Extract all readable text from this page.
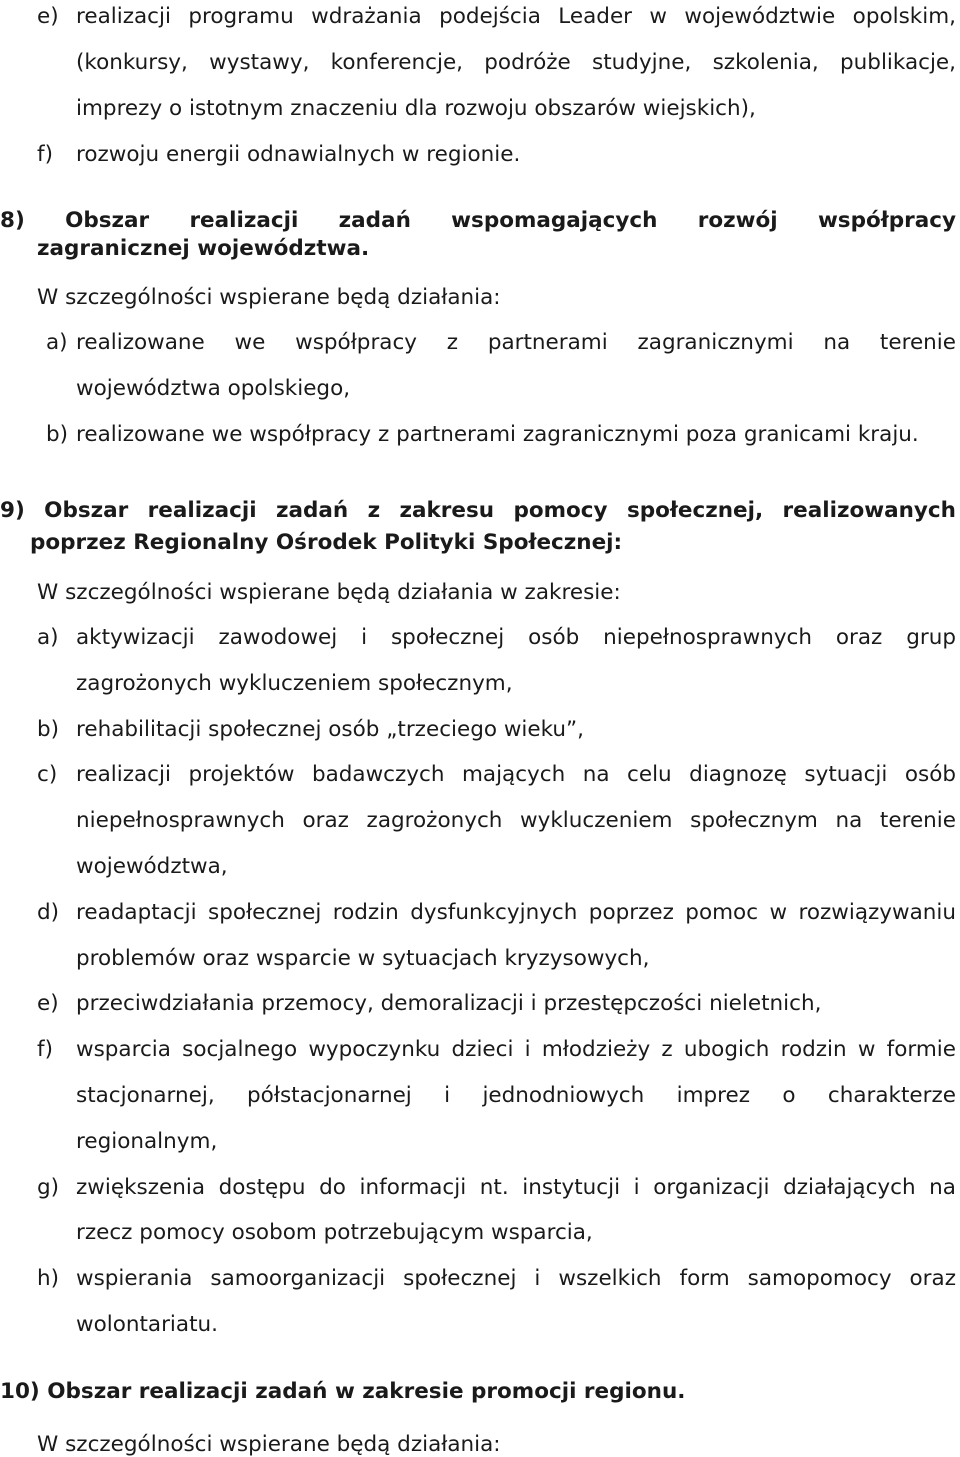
e) realizacji programu wdrażania podejścia Leader w województwie opolskim,
(konkursy, wystawy, konferencje, podróże studyjne, szkolenia, publikacje,
imprezy o istotnym znaczeniu dla rozwoju obszarów wiejskich),
f) rozwoju energii odnawialnych w regionie.
8) Obszar realizacji zadań wspomagających rozwój współpracy
zagranicznej województwa.
W szczególności wspierane będą działania:
a) realizowane we współpracy z partnerami zagranicznymi na terenie
województwa opolskiego,
b) realizowane we współpracy z partnerami zagranicznymi poza granicami kraju.
9) Obszar realizacji zadań z zakresu pomocy społecznej, realizowanych
poprzez Regionalny Ośrodek Polityki Społecznej:
W szczególności wspierane będą działania w zakresie:
a) aktywizacji zawodowej i społecznej osób niepełnosprawnych oraz grup
zagrożonych wykluczeniem społecznym,
b) rehabilitacji społecznej osób „trzeciego wieku”,
c) realizacji projektów badawczych mających na celu diagnozę sytuacji osób
niepełnosprawnych oraz zagrożonych wykluczeniem społecznym na terenie
województwa,
d) readaptacji społecznej rodzin dysfunkcyjnych poprzez pomoc w rozwiązywaniu
problemów oraz wsparcie w sytuacjach kryzysowych,
e) przeciwdziałania przemocy, demoralizacji i przestępczości nieletnich,
f) wsparcia socjalnego wypoczynku dzieci i młodzieży z ubogich rodzin w formie
stacjonarnej, półstacjonarnej i jednodniowych imprez o charakterze
regionalnym,
g) zwiększenia dostępu do informacji nt. instytucji i organizacji działających na
rzecz pomocy osobom potrzebującym wsparcia,
h) wspierania samoorganizacji społecznej i wszelkich form samopomocy oraz
wolontariatu.
10) Obszar realizacji zadań w zakresie promocji regionu.
W szczególności wspierane będą działania:
